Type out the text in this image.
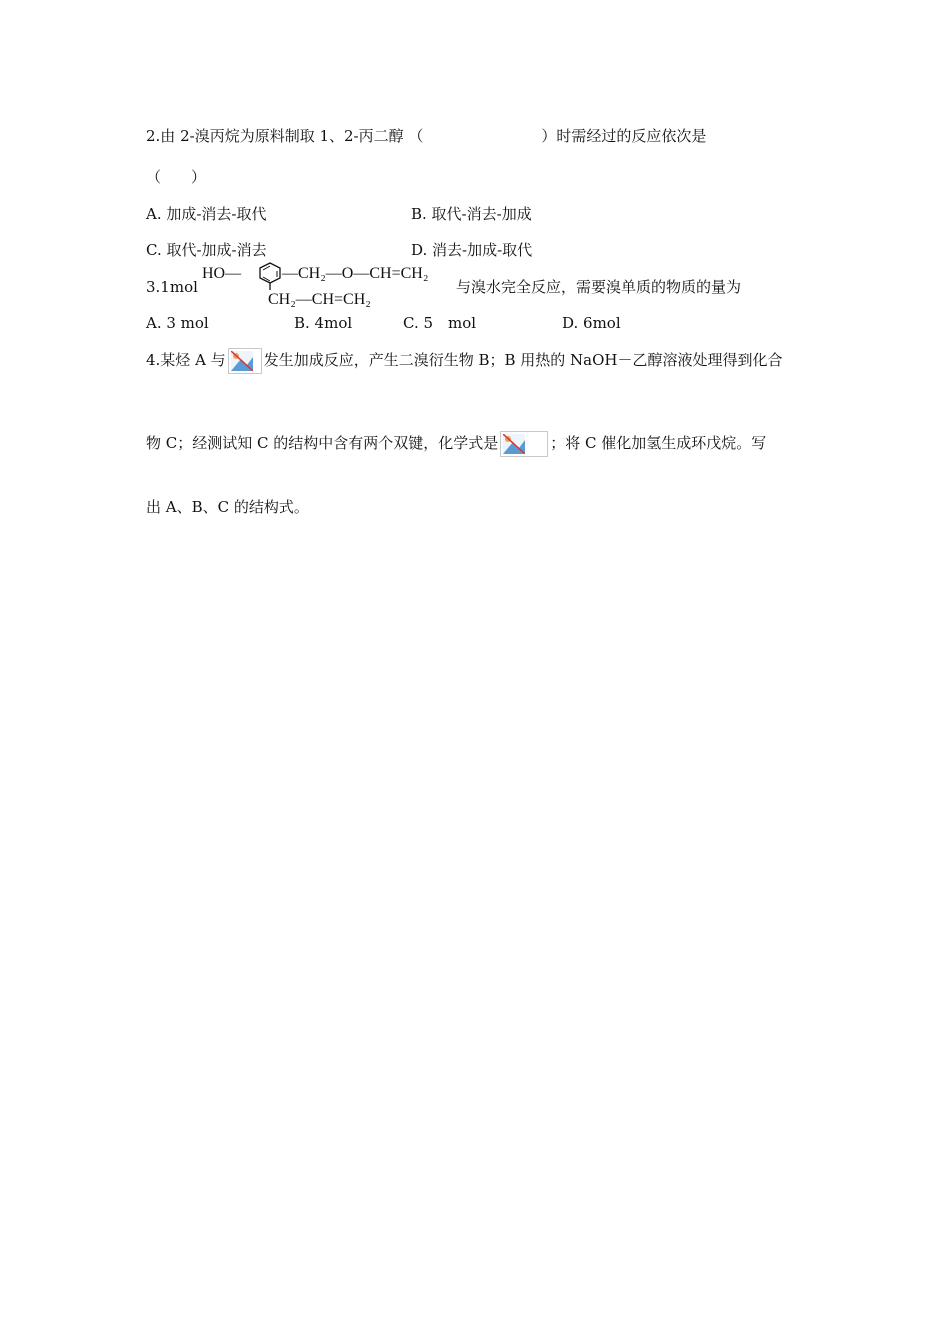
2.由 2-溴丙烷为原料制取 1、2-丙二醇 （	）时需经过的反应依次是
（　　）
A. 加成-消去-取代	B. 取代-消去-加成
C. 取代-加成-消去	D. 消去-加成-取代
3.1mol
HO—	—CH₂—O—CH=CH₂
CH₂—CH=CH₂
与溴水完全反应，需要溴单质的物质的量为
A. 3 mol	B. 4mol	C. 5　mol	D. 6mol
4.某烃 A 与	发生加成反应，产生二溴衍生物 B；B 用热的 NaOH－乙醇溶液处理得到化合
物 C；经测试知 C 的结构中含有两个双键，化学式是	；将 C 催化加氢生成环戊烷。写
出 A、B、C 的结构式。
